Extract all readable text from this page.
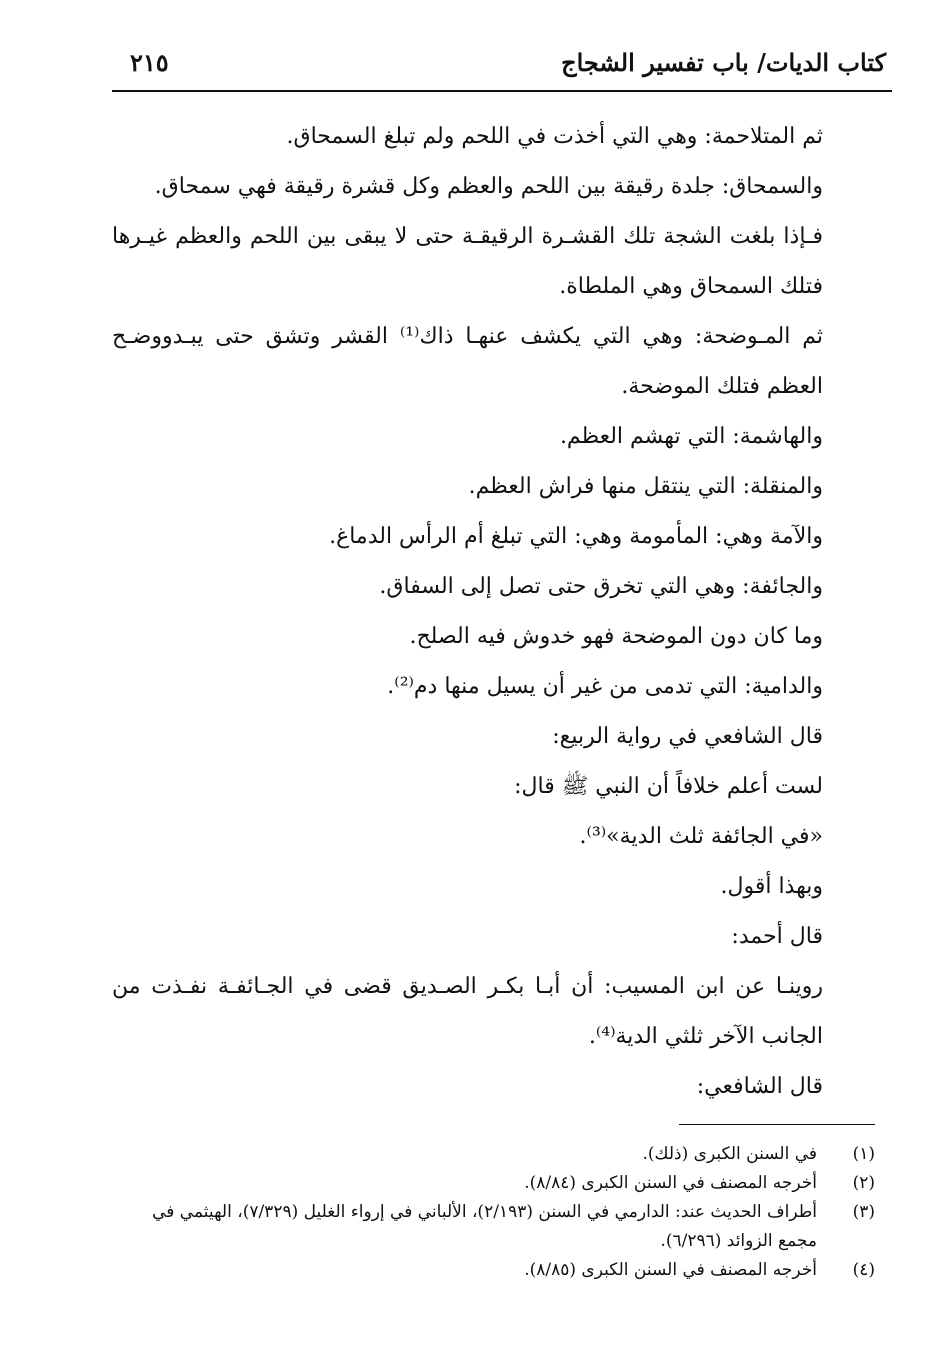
كتاب الديات/ باب تفسير الشجاج
٢١٥

ثم المتلاحمة: وهي التي أخذت في اللحم ولم تبلغ السمحاق.

والسمحاق: جلدة رقيقة بين اللحم والعظم وكل قشرة رقيقة فهي سمحاق.

فـإذا بلغت الشجة تلك القشـرة الرقيقـة حتى لا يبقى بين اللحم والعظم غيـرها فتلك السمحاق وهي الملطاة.

ثم المـوضحة: وهي التي يكشف عنهـا ذاك⁽¹⁾ القشر وتشق حتى يبـدووضـح العظم فتلك الموضحة.

والهاشمة: التي تهشم العظم.

والمنقلة: التي ينتقل منها فراش العظم.

والآمة وهي: المأمومة وهي: التي تبلغ أم الرأس الدماغ.

والجائفة: وهي التي تخرق حتى تصل إلى السفاق.

وما كان دون الموضحة فهو خدوش فيه الصلح.

والدامية: التي تدمى من غير أن يسيل منها دم⁽²⁾.

قال الشافعي في رواية الربيع:

لست أعلم خلافاً أن النبي ﷺ قال:

«في الجائفة ثلث الدية»⁽³⁾.

وبهذا أقول.

قال أحمد:

روينـا عن ابن المسيب: أن أبـا بكـر الصـديق قضى في الجـائفـة نفـذت من الجانب الآخر ثلثي الدية⁽⁴⁾.

قال الشافعي:

(١)
في السنن الكبرى (ذلك).

(٢)
أخرجه المصنف في السنن الكبرى (٨/٨٤).

(٣)
أطراف الحديث عند: الدارمي في السنن (٢/١٩٣)، الألباني في إرواء الغليل (٧/٣٢٩)، الهيثمي في مجمع الزوائد (٦/٢٩٦).

(٤)
أخرجه المصنف في السنن الكبرى (٨/٨٥).
